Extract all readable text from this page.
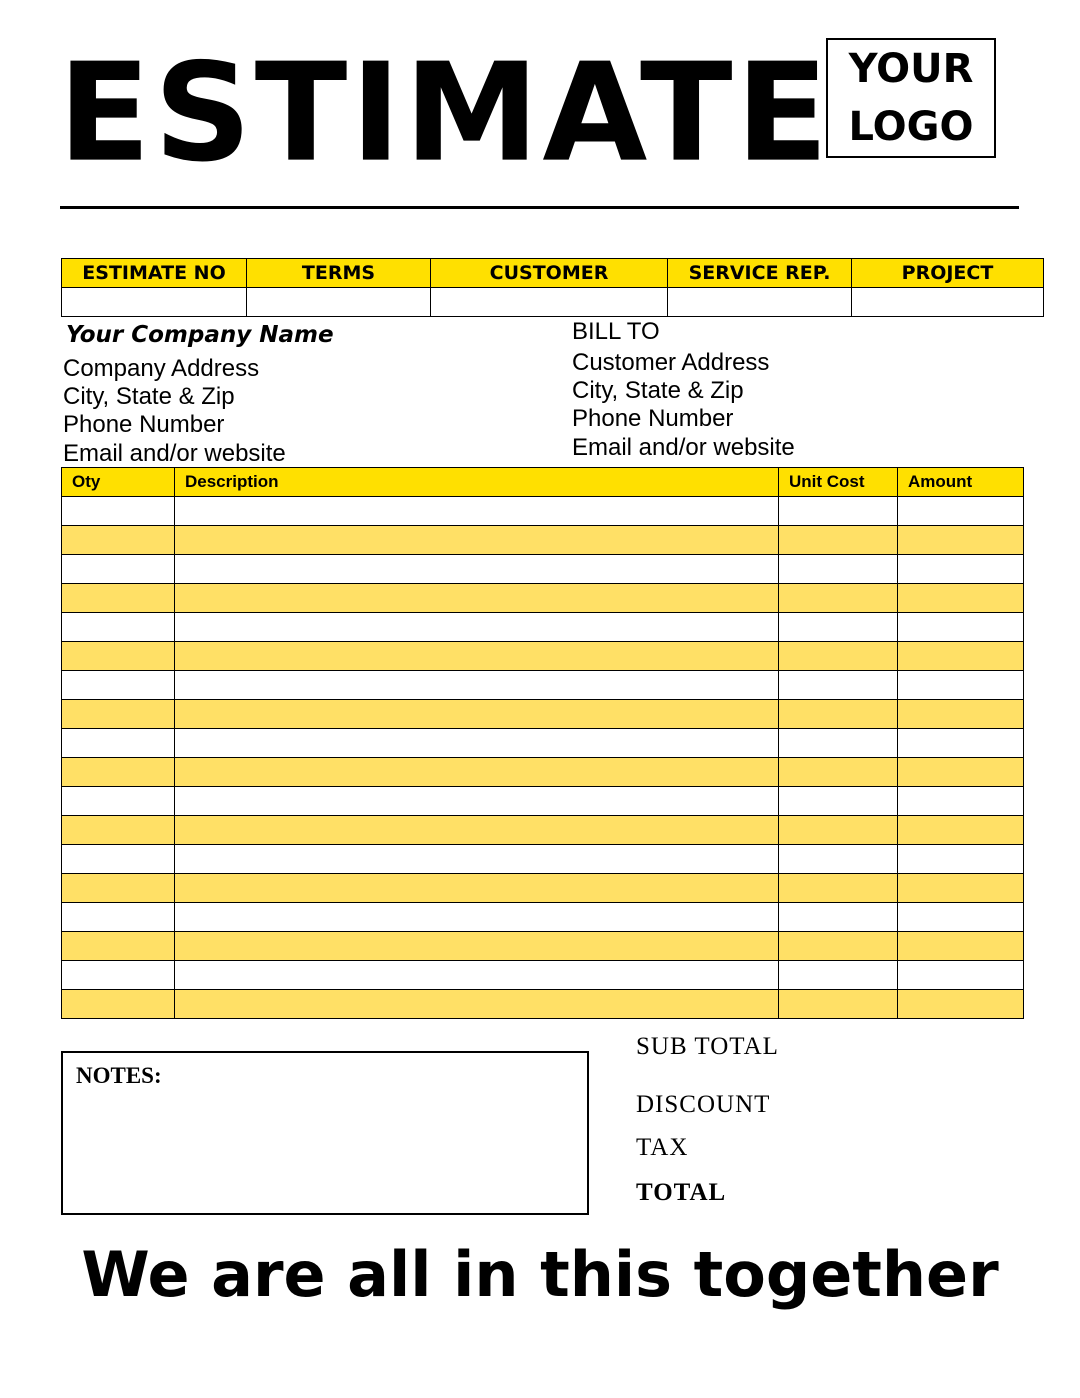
ESTIMATE YOUR
LOGO
ESTIMATE NO	TERMS	CUSTOMER	SERVICE REP.	PROJECT

Your Company Name
Company Address
City, State & Zip
Phone Number
Email and/or website
BILL TO
Customer Address
City, State & Zip
Phone Number
Email and/or website
Oty	Description	Unit Cost	Amount

NOTES:
SUB TOTAL
DISCOUNT
TAX
TOTAL
We are all in this together
